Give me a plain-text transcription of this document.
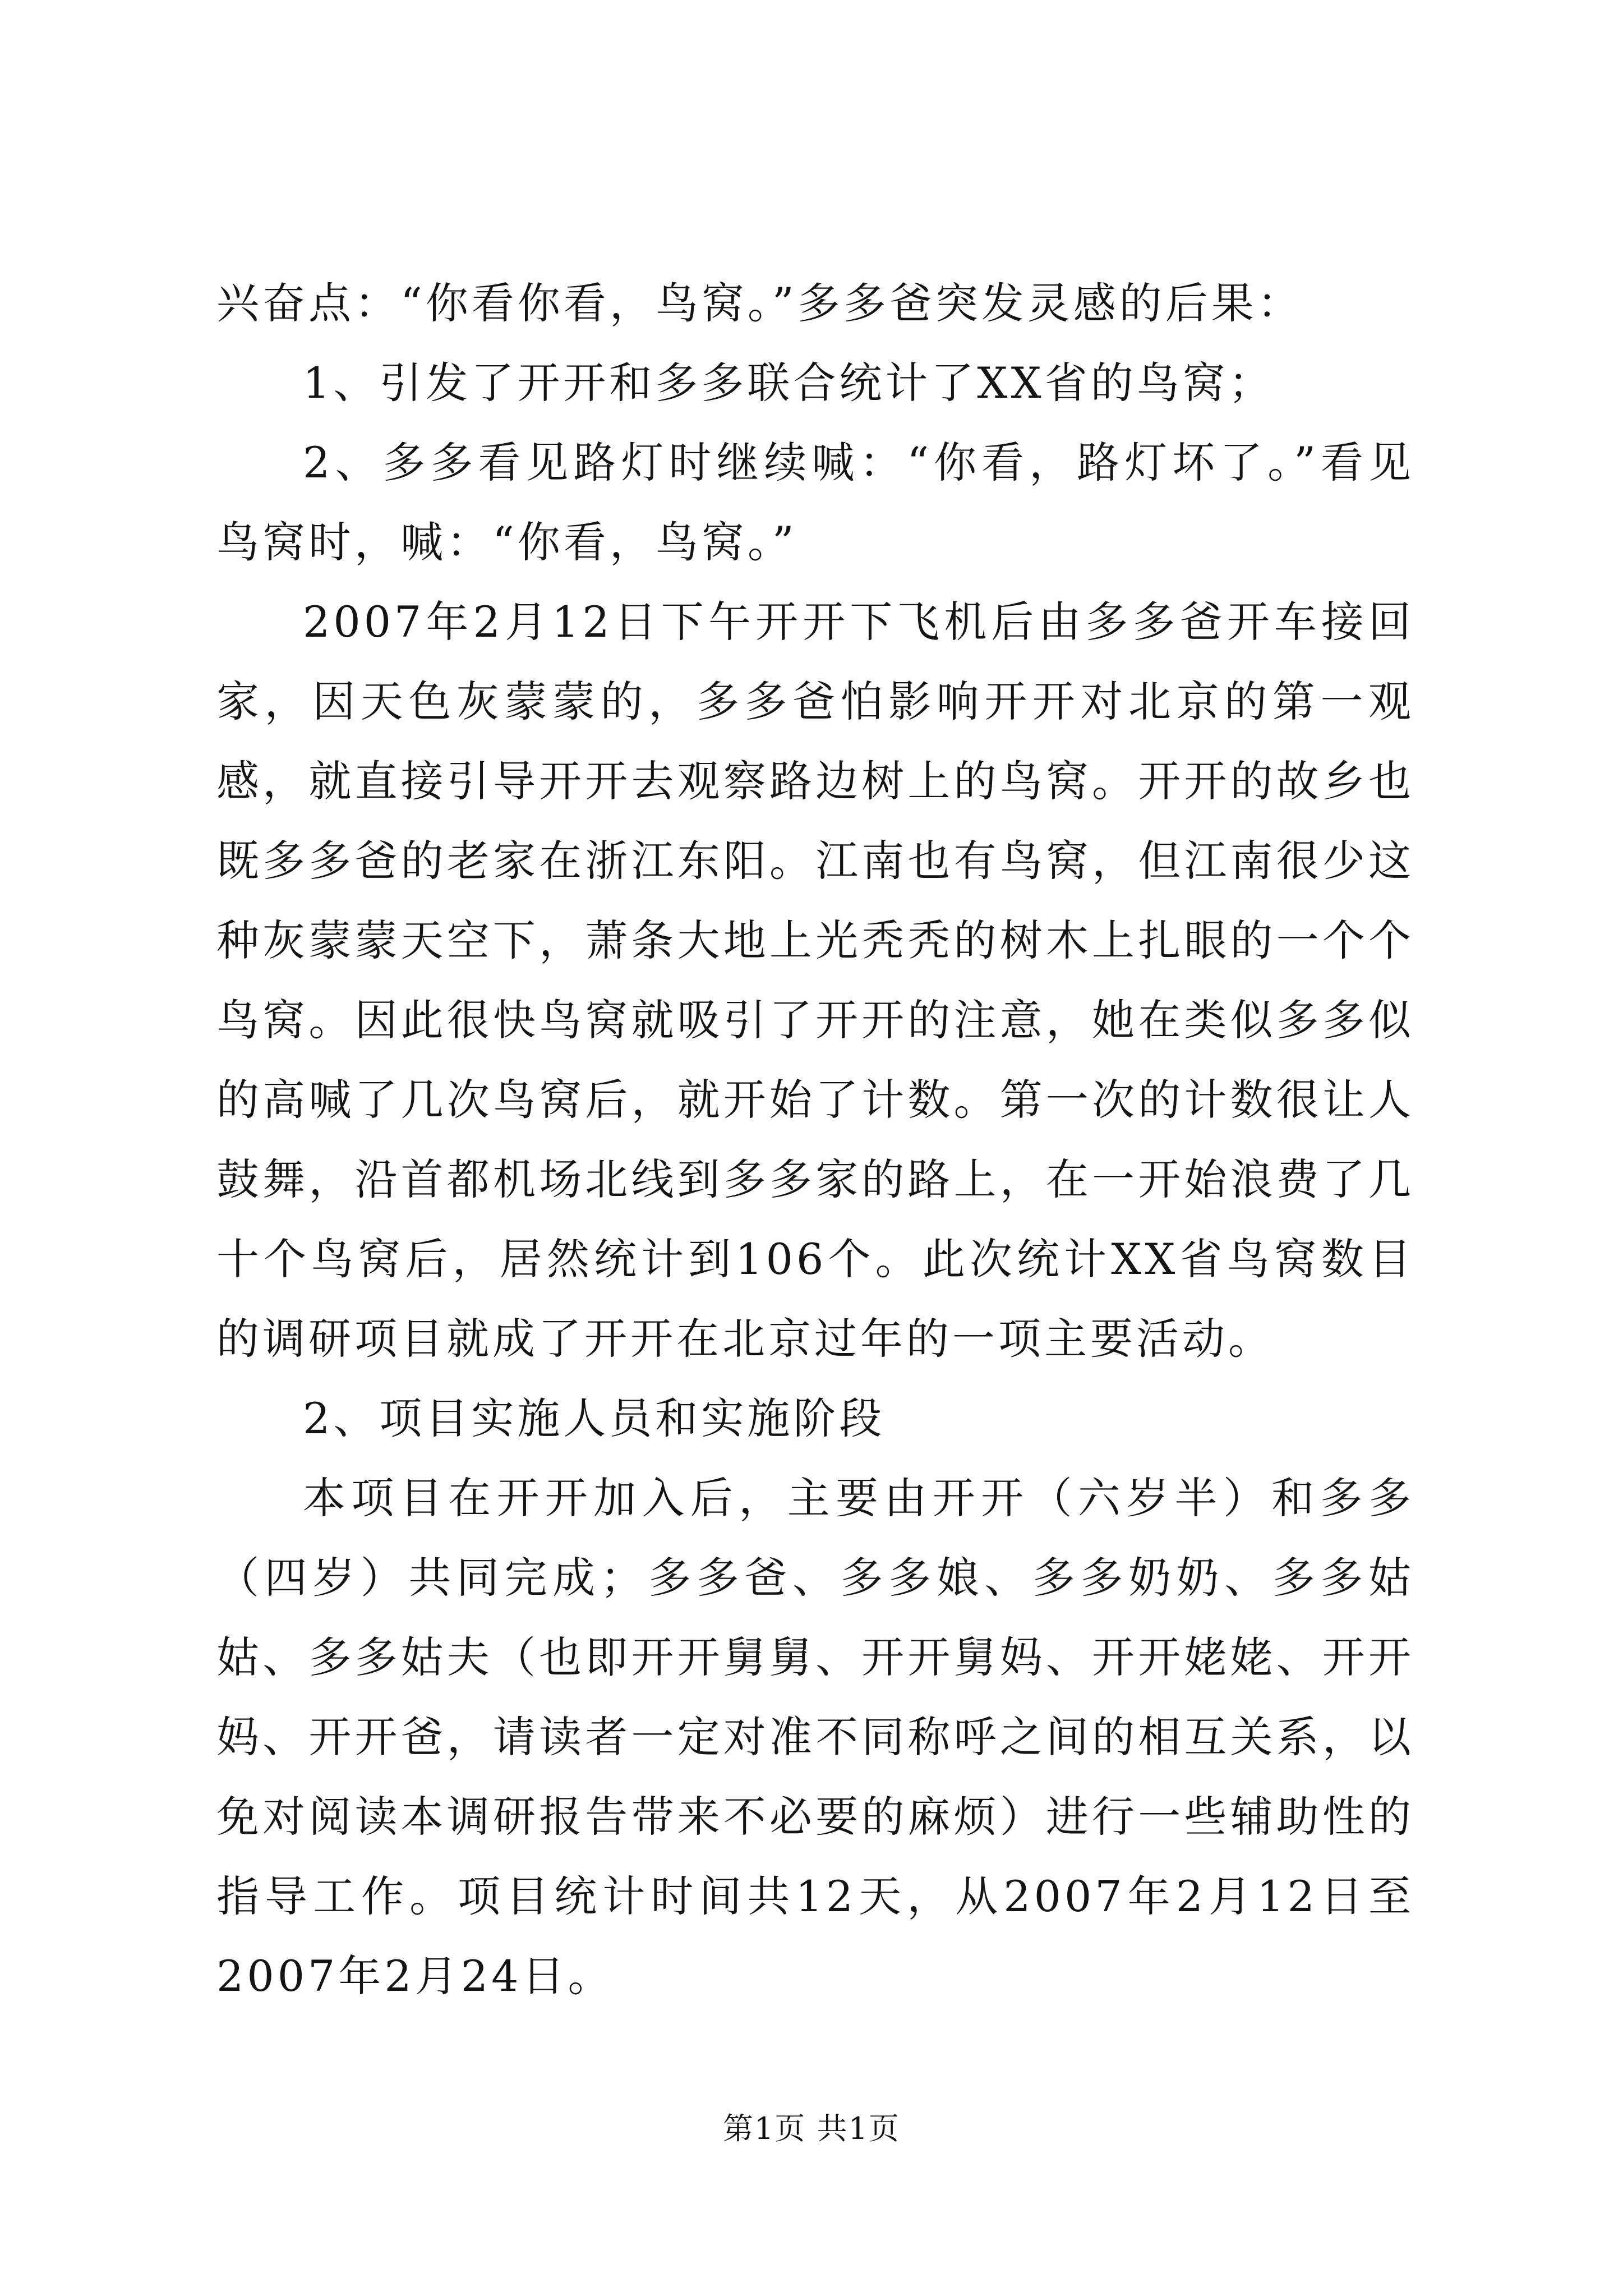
兴奋点：“你看你看，鸟窝。”多多爸突发灵感的后果：

1、引发了开开和多多联合统计了XX省的鸟窝；

2、多多看见路灯时继续喊：“你看，路灯坏了。”看见鸟窝时，喊：“你看，鸟窝。”

2007年2月12日下午开开下飞机后由多多爸开车接回家，因天色灰蒙蒙的，多多爸怕影响开开对北京的第一观感，就直接引导开开去观察路边树上的鸟窝。开开的故乡也既多多爸的老家在浙江东阳。江南也有鸟窝，但江南很少这种灰蒙蒙天空下，萧条大地上光秃秃的树木上扎眼的一个个鸟窝。因此很快鸟窝就吸引了开开的注意，她在类似多多似的高喊了几次鸟窝后，就开始了计数。第一次的计数很让人鼓舞，沿首都机场北线到多多家的路上，在一开始浪费了几十个鸟窝后，居然统计到106个。此次统计XX省鸟窝数目的调研项目就成了开开在北京过年的一项主要活动。

2、项目实施人员和实施阶段

本项目在开开加入后，主要由开开（六岁半）和多多（四岁）共同完成；多多爸、多多娘、多多奶奶、多多姑姑、多多姑夫（也即开开舅舅、开开舅妈、开开姥姥、开开妈、开开爸，请读者一定对准不同称呼之间的相互关系，以免对阅读本调研报告带来不必要的麻烦）进行一些辅助性的指导工作。项目统计时间共12天，从2007年2月12日至2007年2月24日。

第1页 共1页
